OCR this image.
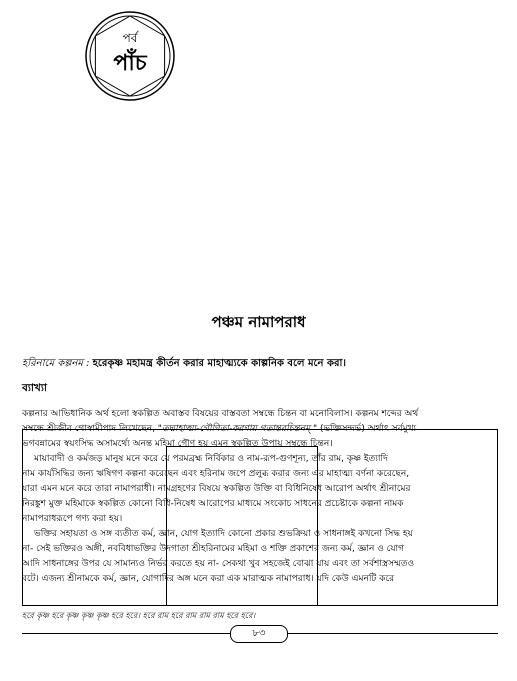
পর্ব
পাঁচ
পঞ্চম নামাপরাধ
হরিনামে কল্পনম : হরেকৃষ্ণ মহামন্ত্র কীর্তন করার মাহাত্ম্যকে কাল্পনিক বলে মনে করা।
ব্যাখ্যা

কল্পনার আভিধানিক অর্থ হলো স্বকল্পিত অবাস্তব বিষয়ের বাস্তবতা সম্বন্ধে চিন্তন বা মনোবিলাস। কল্পনম শব্দের অর্থ

সম্বন্ধে শ্রীজীব গোস্বামীপাদ লিখেছেন, "তদ্মাহাত্ম্য-গৌণিতা-করণায় গতান্তরচিন্তনম্ " (ভক্তিসন্দর্ভ) অর্থাৎ সর্বমুখ্য

ভগবন্নামের স্বয়ংসিদ্ধ অসামর্থ্যে অনন্ত মহিমা গৌণ হয় এমন স্বকল্পিত উপায় সম্বন্ধে চিন্তন।

মায়াবাদী ও কর্মজড় মানুষ মনে করে যে পরমব্রহ্ম নির্বিকার ও নাম-রূপ-গুণশূন্য, তাঁর রাম, কৃষ্ণ ইত্যাদি

নাম কার্যসিদ্ধির জন্য ঋষিগণ কল্পনা করেছেন এবং হরিনাম জপে প্রলুব্ধ করার জন্য এর মাহাত্ম্য বর্ণনা করেছেন,

যারা এমন মনে করে তারা নামাপরাধী। নামগ্রহণের বিষয়ে স্বকল্পিত উক্তি বা বিধিনিষেধ আরোপ অর্থাৎ শ্রীনামের

নিরঙ্কুশ মুক্ত মহিমাকে স্বকল্পিত কোনো বিধি-নিষেধ আরোপের মাধ্যমে সংকোচ সাধনের প্রচেষ্টাকে কল্পনা নামক

নামাপরাধরূপে গণ্য করা হয়।

ভক্তির সহায়তা ও সঙ্গ ব্যতীত কর্ম, জ্ঞান, যোগ ইত্যাদি কোনো প্রকার শুভক্রিয়া ও সাধনাঙ্গই কখনো সিদ্ধ হয়

না- সেই ভক্তিরও অঙ্গী, নববিধাভক্তির উদগাতা শ্রীহরিনামের মহিমা ও শক্তি প্রকাশের জন্য কর্ম, জ্ঞান ও যোগ

আদি সাধনাঙ্গের উপর যে সামান্যও নির্ভর করতে হয় না- সেকথা খুব সহজেই বোঝা যায় এবং তা সর্বশাস্ত্রসম্মতও

বটে। এজন্য শ্রীনামকে কর্ম, জ্ঞান, যোগাদির অঙ্গ মনে করা এক মারাত্মক নামাপরাধ। যদি কেউ এমনটি করে

হরে কৃষ্ণ হরে কৃষ্ণ কৃষ্ণ কৃষ্ণ হরে হরে। হরে রাম হরে রাম রাম রাম হরে হরে।
৮৩
